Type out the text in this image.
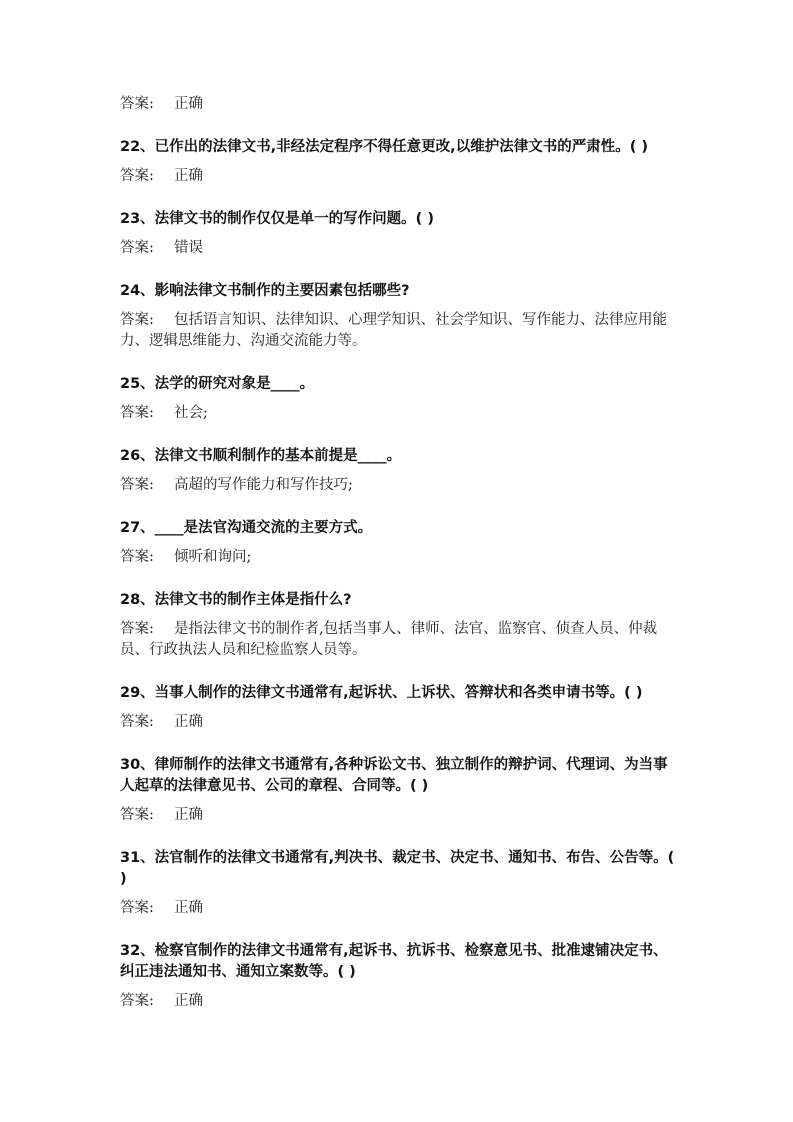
答案: 正确

22、已作出的法律文书,非经法定程序不得任意更改,以维护法律文书的严肃性。( )

答案: 正确

23、法律文书的制作仅仅是单一的写作问题。( )

答案: 错误

24、影响法律文书制作的主要因素包括哪些?

答案: 包括语言知识、法律知识、心理学知识、社会学知识、写作能力、法律应用能力、逻辑思维能力、沟通交流能力等。

25、法学的研究对象是____。

答案: 社会;

26、法律文书顺利制作的基本前提是____。

答案: 高超的写作能力和写作技巧;

27、____是法官沟通交流的主要方式。

答案: 倾听和询问;

28、法律文书的制作主体是指什么?

答案: 是指法律文书的制作者,包括当事人、律师、法官、监察官、侦查人员、仲裁员、行政执法人员和纪检监察人员等。

29、当事人制作的法律文书通常有,起诉状、上诉状、答辩状和各类申请书等。( )

答案: 正确

30、律师制作的法律文书通常有,各种诉讼文书、独立制作的辩护词、代理词、为当事人起草的法律意见书、公司的章程、合同等。( )

答案: 正确

31、法官制作的法律文书通常有,判决书、裁定书、决定书、通知书、布告、公告等。( )

答案: 正确

32、检察官制作的法律文书通常有,起诉书、抗诉书、检察意见书、批准逮铺决定书、纠正违法通知书、通知立案数等。( )

答案: 正确
